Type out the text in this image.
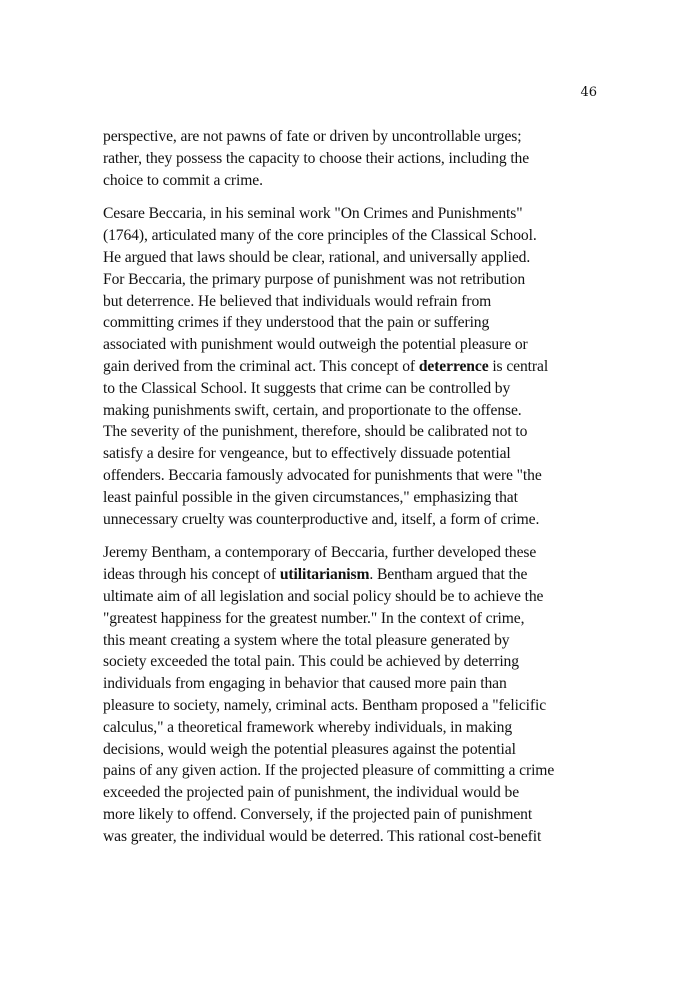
46
perspective, are not pawns of fate or driven by uncontrollable urges;
rather, they possess the capacity to choose their actions, including the
choice to commit a crime.
Cesare Beccaria, in his seminal work "On Crimes and Punishments"
(1764), articulated many of the core principles of the Classical School.
He argued that laws should be clear, rational, and universally applied.
For Beccaria, the primary purpose of punishment was not retribution
but deterrence. He believed that individuals would refrain from
committing crimes if they understood that the pain or suffering
associated with punishment would outweigh the potential pleasure or
gain derived from the criminal act. This concept of deterrence is central
to the Classical School. It suggests that crime can be controlled by
making punishments swift, certain, and proportionate to the offense.
The severity of the punishment, therefore, should be calibrated not to
satisfy a desire for vengeance, but to effectively dissuade potential
offenders. Beccaria famously advocated for punishments that were "the
least painful possible in the given circumstances," emphasizing that
unnecessary cruelty was counterproductive and, itself, a form of crime.
Jeremy Bentham, a contemporary of Beccaria, further developed these
ideas through his concept of utilitarianism. Bentham argued that the
ultimate aim of all legislation and social policy should be to achieve the
"greatest happiness for the greatest number." In the context of crime,
this meant creating a system where the total pleasure generated by
society exceeded the total pain. This could be achieved by deterring
individuals from engaging in behavior that caused more pain than
pleasure to society, namely, criminal acts. Bentham proposed a "felicific
calculus," a theoretical framework whereby individuals, in making
decisions, would weigh the potential pleasures against the potential
pains of any given action. If the projected pleasure of committing a crime
exceeded the projected pain of punishment, the individual would be
more likely to offend. Conversely, if the projected pain of punishment
was greater, the individual would be deterred. This rational cost-benefit
